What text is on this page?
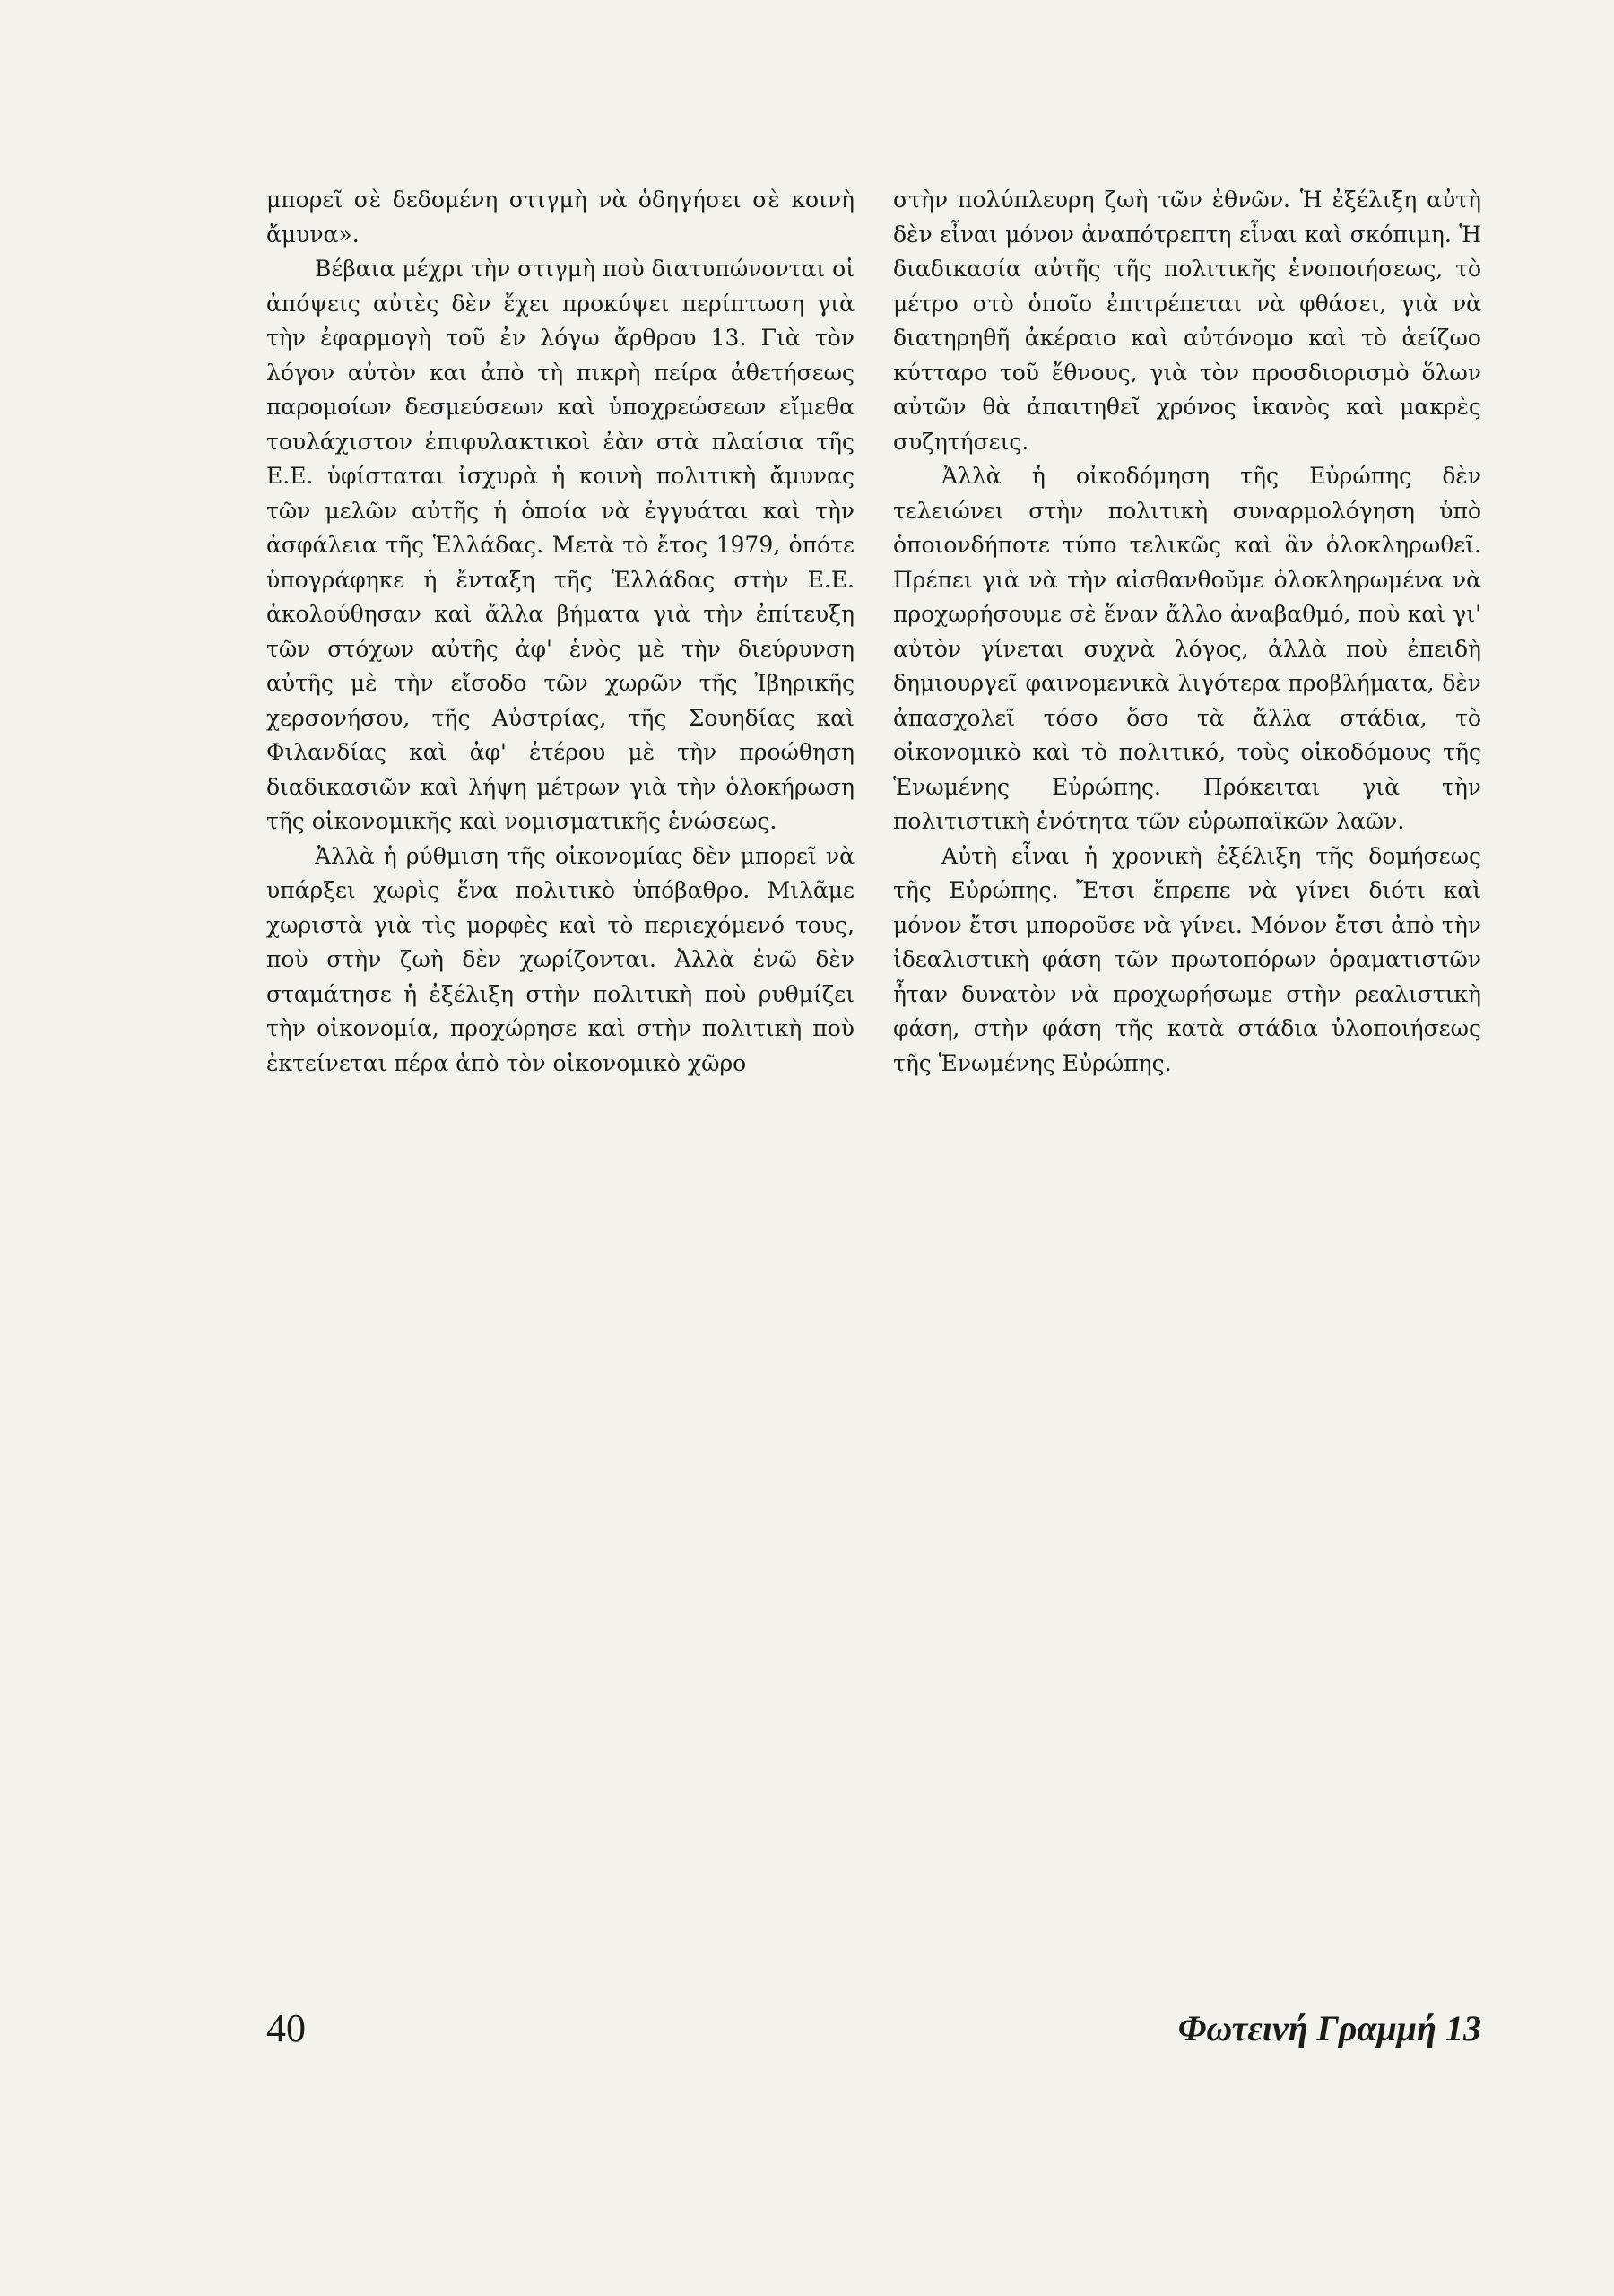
μπορεῖ σὲ δεδομένη στιγμὴ νὰ ὁδηγήσει σὲ κοινὴ ἄμυνα».

Βέβαια μέχρι τὴν στιγμὴ ποὺ διατυπώνονται οἱ ἀπόψεις αὐτὲς δὲν ἔχει προκύψει περίπτωση γιὰ τὴν ἐφαρμογὴ τοῦ ἐν λόγω ἄρθρου 13. Γιὰ τὸν λόγον αὐτὸν και ἀπὸ τὴ πικρὴ πείρα ἀθετήσεως παρομοίων δεσμεύσεων καὶ ὑποχρεώσεων εἴμεθα τουλάχιστον ἐπιφυλακτικοὶ ἐὰν στὰ πλαίσια τῆς Ε.Ε. ὑφίσταται ἰσχυρὰ ἡ κοινὴ πολιτικὴ ἄμυνας τῶν μελῶν αὐτῆς ἡ ὁποία νὰ ἐγγυάται καὶ τὴν ἀσφάλεια τῆς Ἑλλάδας. Μετὰ τὸ ἔτος 1979, ὁπότε ὑπογράφηκε ἡ ἔνταξη τῆς Ἑλλάδας στὴν Ε.Ε. ἀκολούθησαν καὶ ἄλλα βήματα γιὰ τὴν ἐπίτευξη τῶν στόχων αὐτῆς ἀφ' ἑνὸς μὲ τὴν διεύρυνση αὐτῆς μὲ τὴν εἴσοδο τῶν χωρῶν τῆς Ἰβηρικῆς χερσονήσου, τῆς Αὐστρίας, τῆς Σουηδίας καὶ Φιλανδίας καὶ ἀφ' ἑτέρου μὲ τὴν προώθηση διαδικασιῶν καὶ λήψη μέτρων γιὰ τὴν ὁλοκήρωση τῆς οἰκονομικῆς καὶ νομισματικῆς ἑνώσεως.

Ἀλλὰ ἡ ρύθμιση τῆς οἰκονομίας δὲν μπορεῖ νὰ υπάρξει χωρὶς ἕνα πολιτικὸ ὑπόβαθρο. Μιλᾶμε χωριστὰ γιὰ τὶς μορφὲς καὶ τὸ περιεχόμενό τους, ποὺ στὴν ζωὴ δὲν χωρίζονται. Ἀλλὰ ἐνῶ δὲν σταμάτησε ἡ ἐξέλιξη στὴν πολιτικὴ ποὺ ρυθμίζει τὴν οἰκονομία, προχώρησε καὶ στὴν πολιτικὴ ποὺ ἐκτείνεται πέρα ἀπὸ τὸν οἰκονομικὸ χῶρο

στὴν πολύπλευρη ζωὴ τῶν ἐθνῶν. Ἡ ἐξέλιξη αὐτὴ δὲν εἶναι μόνον ἀναπότρεπτη εἶναι καὶ σκόπιμη. Ἡ διαδικασία αὐτῆς τῆς πολιτικῆς ἑνοποιήσεως, τὸ μέτρο στὸ ὁποῖο ἐπιτρέπεται νὰ φθάσει, γιὰ νὰ διατηρηθῆ ἀκέραιο καὶ αὐτόνομο καὶ τὸ ἀείζωο κύτταρο τοῦ ἔθνους, γιὰ τὸν προσδιορισμὸ ὅλων αὐτῶν θὰ ἀπαιτηθεῖ χρόνος ἱκανὸς καὶ μακρὲς συζητήσεις.

Ἀλλὰ ἡ οἰκοδόμηση τῆς Εὐρώπης δὲν τελειώνει στὴν πολιτικὴ συναρμολόγηση ὑπὸ ὁποιονδήποτε τύπο τελικῶς καὶ ἂν ὁλοκληρωθεῖ. Πρέπει γιὰ νὰ τὴν αἰσθανθοῦμε ὁλοκληρωμένα νὰ προχωρήσουμε σὲ ἕναν ἄλλο ἀναβαθμό, ποὺ καὶ γι' αὐτὸν γίνεται συχνὰ λόγος, ἀλλὰ ποὺ ἐπειδὴ δημιουργεῖ φαινομενικὰ λιγότερα προβλήματα, δὲν ἀπασχολεῖ τόσο ὅσο τὰ ἄλλα στάδια, τὸ οἰκονομικὸ καὶ τὸ πολιτικό, τοὺς οἰκοδόμους τῆς Ἑνωμένης Εὐρώπης. Πρόκειται γιὰ τὴν πολιτιστικὴ ἑνότητα τῶν εὐρωπαϊκῶν λαῶν.

Αὐτὴ εἶναι ἡ χρονικὴ ἐξέλιξη τῆς δομήσεως τῆς Εὐρώπης. Ἔτσι ἔπρεπε νὰ γίνει διότι καὶ μόνον ἔτσι μποροῦσε νὰ γίνει. Μόνον ἔτσι ἀπὸ τὴν ἰδεαλιστικὴ φάση τῶν πρωτοπόρων ὁραματιστῶν ἦταν δυνατὸν νὰ προχωρήσωμε στὴν ρεαλιστικὴ φάση, στὴν φάση τῆς κατὰ στάδια ὑλοποιήσεως τῆς Ἑνωμένης Εὐρώπης.

40	Φωτεινή Γραμμή 13
